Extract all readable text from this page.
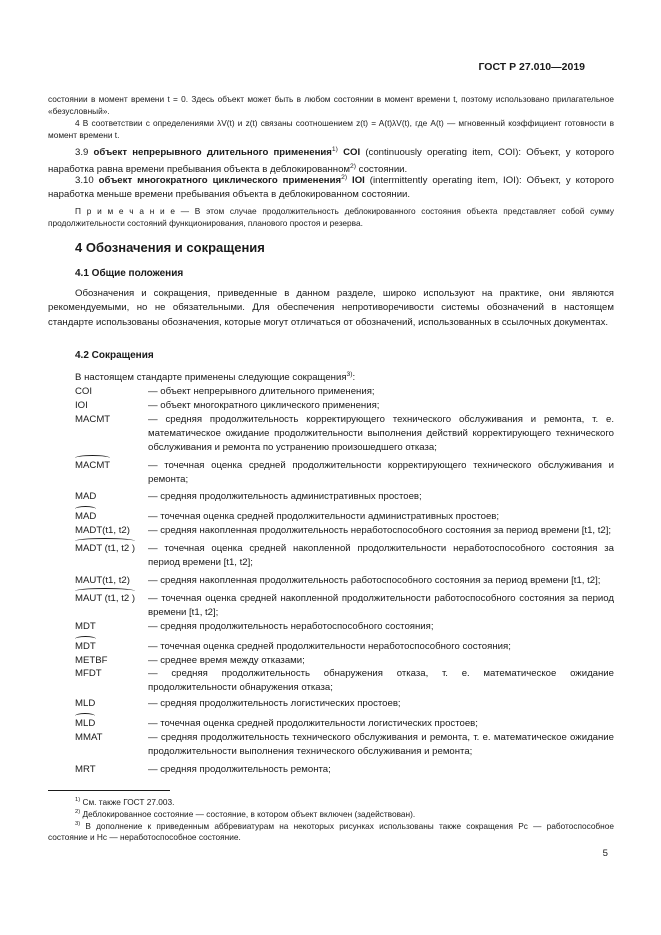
ГОСТ Р 27.010—2019

состоянии в момент времени t = 0. Здесь объект может быть в любом состоянии в момент времени t, поэтому использовано прилагательное «безусловный».

4 В соответствии с определениями λV(t) и z(t) связаны соотношением z(t) = A(t)λV(t), где A(t) — мгновенный коэффициент готовности в момент времени t.

3.9 объект непрерывного длительного применения$^{1)}$ COI (continuously operating item, COI): Объект, у которого наработка равна времени пребывания объекта в деблокированном$^{2)}$ состоянии.

3.10 объект многократного циклического применения$^{2)}$ IOI (intermittently operating item, IOI): Объект, у которого наработка меньше времени пребывания объекта в деблокированном состоянии.

П р и м е ч а н и е — В этом случае продолжительность деблокированного состояния объекта представляет собой сумму продолжительности состояний функционирования, планового простоя и резерва.

4 Обозначения и сокращения
4.1 Общие положения

Обозначения и сокращения, приведенные в данном разделе, широко используют на практике, они являются рекомендуемыми, но не обязательными. Для обеспечения непротиворечивости системы обозначений в настоящем стандарте использованы обозначения, которые могут отличаться от обозначений, использованных в ссылочных документах.

4.2 Сокращения
В настоящем стандарте применены следующие сокращения$^{3)}$:
COI	— объект непрерывного длительного применения;
IOI	— объект многократного циклического применения;
MACMT	— средняя продолжительность корректирующего технического обслуживания и ремонта, т. е. математическое ожидание продолжительности выполнения действий корректирующего технического обслуживания и ремонта по устранению произошедшего отказа;
MACMT	— точечная оценка средней продолжительности корректирующего технического обслуживания и ремонта;
MAD	— средняя продолжительность административных простоев;
MAD	— точечная оценка средней продолжительности административных простоев;
MADT(t1, t2) — средняя накопленная продолжительность неработоспособного состояния за период времени [t1, t2];
MADT (t1, t2 ) — точечная оценка средней накопленной продолжительности неработоспособного состояния за период времени [t1, t2];
MAUT(t1, t2) — средняя накопленная продолжительность работоспособного состояния за период времени [t1, t2];
MAUT (t1, t2 ) — точечная оценка средней накопленной продолжительности работоспособного состояния за период времени [t1, t2];
MDT	— средняя продолжительность неработоспособного состояния;
MDT	— точечная оценка средней продолжительности неработоспособного состояния;
METBF	— среднее время между отказами;
MFDT	— средняя продолжительность обнаружения отказа, т. е. математическое ожидание продолжительности обнаружения отказа;
MLD	— средняя продолжительность логистических простоев;
MLD	— точечная оценка средней продолжительности логистических простоев;
MMAT	— средняя продолжительность технического обслуживания и ремонта, т. е. математическое ожидание продолжительности выполнения технического обслуживания и ремонта;
MRT	— средняя продолжительность ремонта;
$^{1)}$ См. также ГОСТ 27.003.
$^{2)}$ Деблокированное состояние — состояние, в котором объект включен (задействован).
$^{3)}$ В дополнение к приведенным аббревиатурам на некоторых рисунках использованы также сокращения Рс — работоспособное состояние и Нс — неработоспособное состояние.
5
